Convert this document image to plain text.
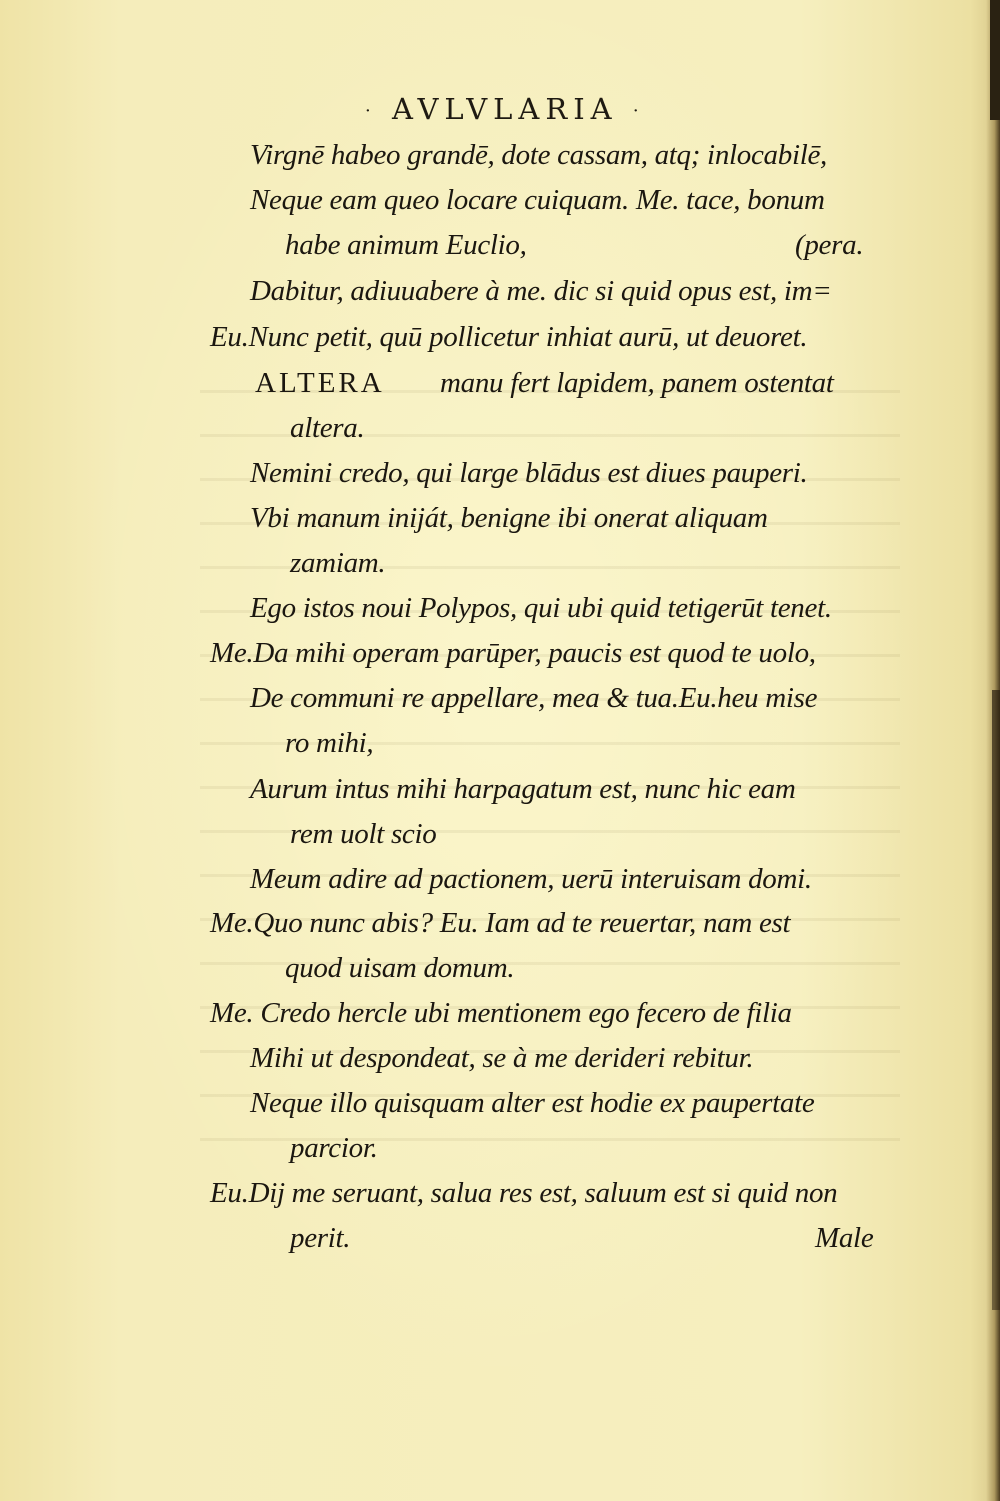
· AVLVLARIA ·
Virgnē habeo grandē, dote cassam, atq; inlocabilē,
Neque eam queo locare cuiquam. Me. tace, bonum
habe animum Euclio,	(pera.
Dabitur, adiuuabere à me. dic si quid opus est, im=
Eu.Nunc petit, quū pollicetur inhiat aurū, ut deuoret.
ALTERA manu fert lapidem, panem ostentat
altera.
Nemini credo, qui large blādus est diues pauperi.
Vbi manum iniját, benigne ibi onerat aliquam
zamiam.
Ego istos noui Polypos, qui ubi quid tetigerūt tenet.
Me.Da mihi operam parūper, paucis est quod te uolo,
De communi re appellare, mea & tua.Eu.heu mise
ro mihi,
Aurum intus mihi harpagatum est, nunc hic eam
rem uolt scio
Meum adire ad pactionem, uerū interuisam domi.
Me.Quo nunc abis? Eu. Iam ad te reuertar, nam est
quod uisam domum.
Me. Credo hercle ubi mentionem ego fecero de filia
Mihi ut despondeat, se à me derideri rebitur.
Neque illo quisquam alter est hodie ex paupertate
parcior.
Eu.Dij me seruant, salua res est, saluum est si quid non
perit.	Male
